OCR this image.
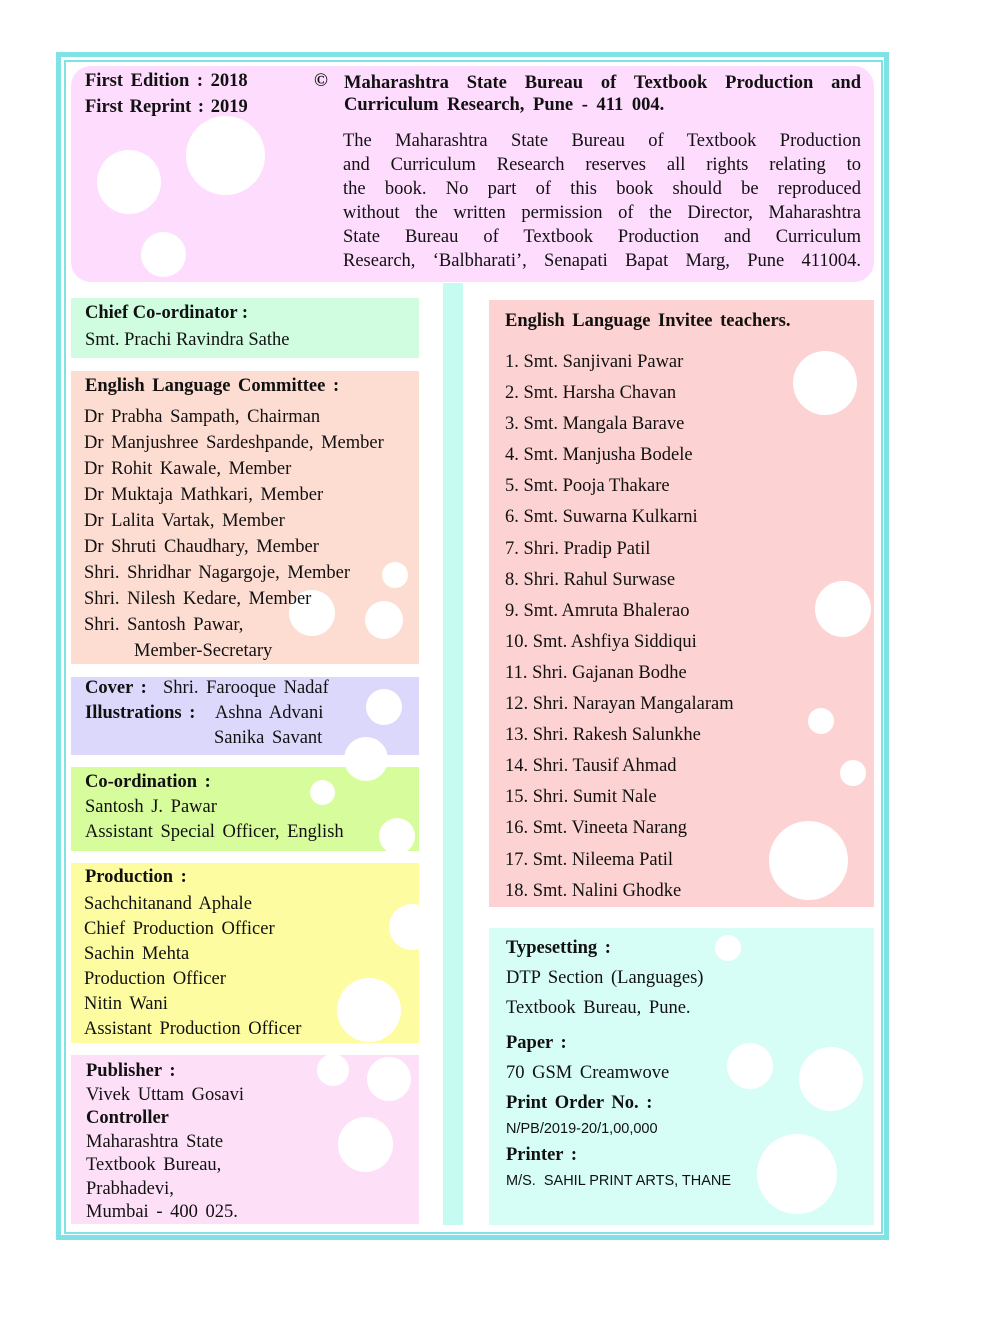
First Edition : 2018
First Reprint : 2019
© Maharashtra State Bureau of Textbook Production and
Curriculum Research, Pune - 411 004.
The Maharashtra State Bureau of Textbook Production
and Curriculum Research reserves all rights relating to
the book. No part of this book should be reproduced
without the written permission of the Director, Maharashtra
State Bureau of Textbook Production and Curriculum
Research, ‘Balbharati’, Senapati Bapat Marg, Pune 411004.
Chief Co-ordinator :
Smt. Prachi Ravindra Sathe
English Language Committee :
Dr Prabha Sampath, Chairman
Dr Manjushree Sardeshpande, Member
Dr Rohit Kawale, Member
Dr Muktaja Mathkari, Member
Dr Lalita Vartak, Member
Dr Shruti Chaudhary, Member
Shri. Shridhar Nagargoje, Member
Shri. Nilesh Kedare, Member
Shri. Santosh Pawar,
Member-Secretary
Cover : Shri. Farooque Nadaf
Illustrations : Ashna Advani
Sanika Savant
Co-ordination :
Santosh J. Pawar
Assistant Special Officer, English
Production :
Sachchitanand Aphale
Chief Production Officer
Sachin Mehta
Production Officer
Nitin Wani
Assistant Production Officer
Publisher :
Vivek Uttam Gosavi
Controller
Maharashtra State
Textbook Bureau,
Prabhadevi,
Mumbai - 400 025.
English Language Invitee teachers.
1. Smt. Sanjivani Pawar
2. Smt. Harsha Chavan
3. Smt. Mangala Barave
4. Smt. Manjusha Bodele
5. Smt. Pooja Thakare
6. Smt. Suwarna Kulkarni
7. Shri. Pradip Patil
8. Shri. Rahul Surwase
9. Smt. Amruta Bhalerao
10. Smt. Ashfiya Siddiqui
11. Shri. Gajanan Bodhe
12. Shri. Narayan Mangalaram
13. Shri. Rakesh Salunkhe
14. Shri. Tausif Ahmad
15. Shri. Sumit Nale
16. Smt. Vineeta Narang
17. Smt. Nileema Patil
18. Smt. Nalini Ghodke
Typesetting :
DTP Section (Languages)
Textbook Bureau, Pune.
Paper :
70 GSM Creamwove
Print Order No. :
N/PB/2019-20/1,00,000
Printer :
M/S.  SAHIL PRINT ARTS, THANE
